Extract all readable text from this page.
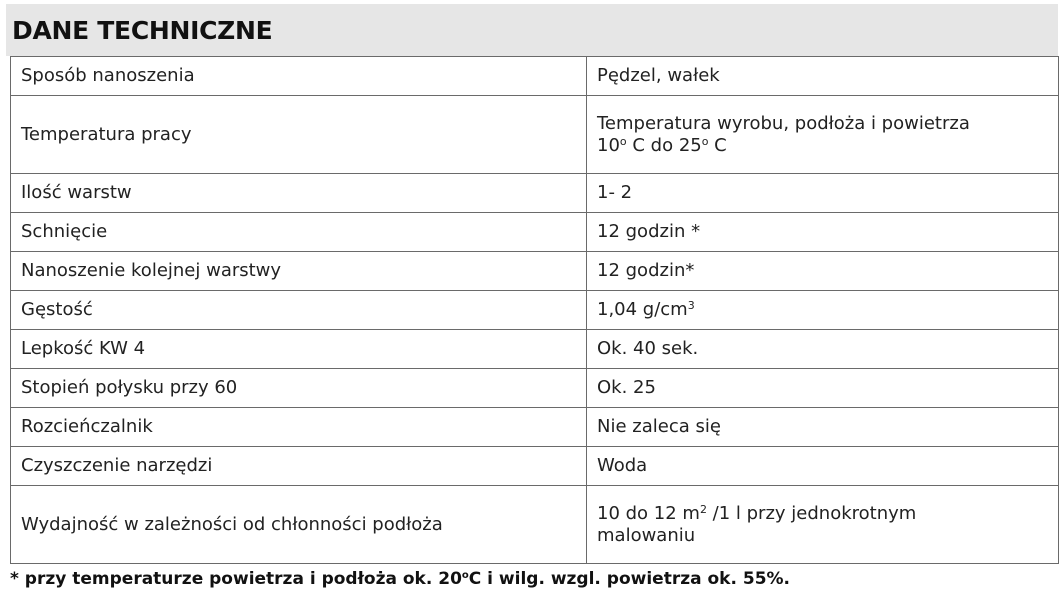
DANE TECHNICZNE
Sposób nanoszenia	Pędzel, wałek
Temperatura pracy	Temperatura wyrobu, podłoża i powietrza
10$^o$ C do 25$^o$ C
Ilość warstw	1- 2
Schnięcie	12 godzin *
Nanoszenie kolejnej warstwy	12 godzin*
Gęstość	1,04 $g/cm^3$
Lepkość KW 4	Ok. 40 sek.
Stopień połysku przy 60	Ok. 25
Rozcieńczalnik	Nie zaleca się
Czyszczenie narzędzi	Woda
Wydajność w zależności od chłonności podłoża	10 do 12 $m^2$ /1 l przy jednokrotnym
malowaniu
* przy temperaturze powietrza i podłoża ok. 20$^o$C i wilg. wzgl. powietrza ok. 55%.
